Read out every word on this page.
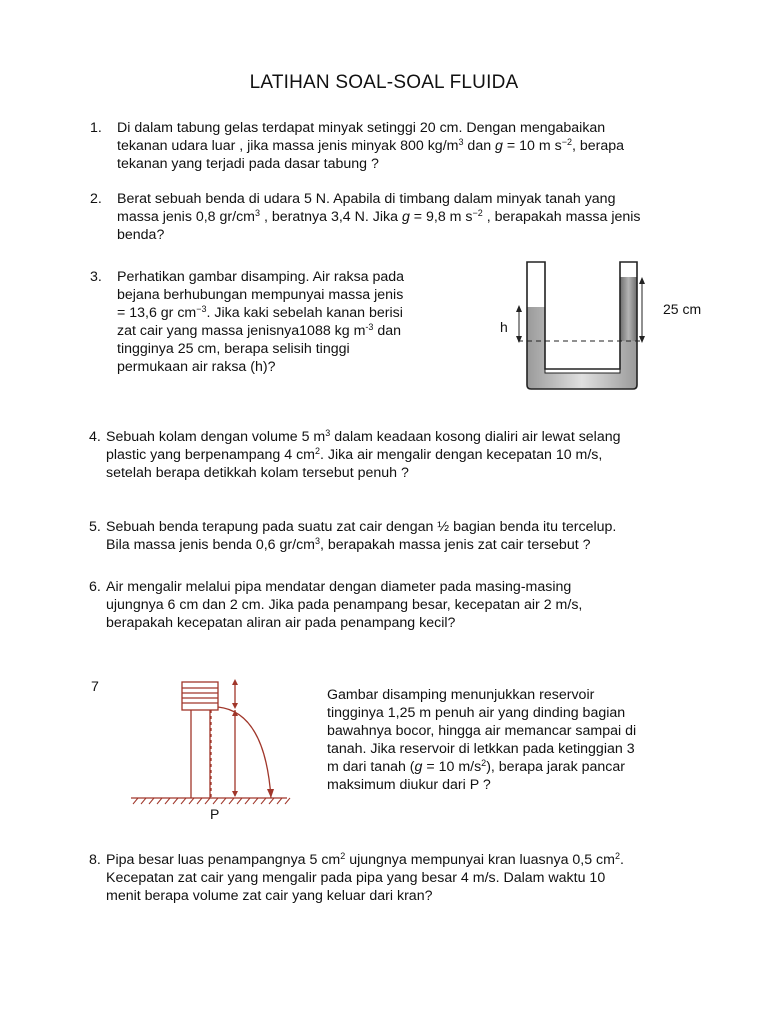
LATIHAN SOAL-SOAL FLUIDA
1. Di dalam tabung gelas terdapat minyak setinggi 20 cm. Dengan mengabaikan
tekanan udara luar , jika massa jenis minyak 800 $kg/m^3$ dan g = 10 m $s^{-2}$, berapa
tekanan yang terjadi pada dasar tabung ?
2. Berat sebuah benda di udara 5 N. Apabila di timbang dalam minyak tanah yang
massa jenis 0,8 $gr/cm^3$ , beratnya 3,4 N. Jika g = 9,8 m $s^{-2}$ , berapakah massa jenis
benda?
3. Perhatikan gambar disamping. Air raksa pada
bejana berhubungan mempunyai massa jenis
= 13,6 gr $cm^{-3}$. Jika kaki sebelah kanan berisi
zat cair yang massa jenisnya1088 kg $m^{-3}$ dan
tingginya 25 cm, berapa selisih tinggi
permukaan air raksa (h)?
h
25 cm
4. Sebuah kolam dengan volume 5 $m^3$ dalam keadaan kosong dialiri air lewat selang
plastic yang berpenampang 4 $cm^2$. Jika air mengalir dengan kecepatan 10 m/s,
setelah berapa detikkah kolam tersebut penuh ?
5. Sebuah benda terapung pada suatu zat cair dengan ½ bagian benda itu tercelup.
Bila massa jenis benda 0,6 $gr/cm^3$, berapakah massa jenis zat cair tersebut ?
6. Air mengalir melalui pipa mendatar dengan diameter pada masing-masing
ujungnya 6 cm dan 2 cm. Jika pada penampang besar, kecepatan air 2 m/s,
berapakah kecepatan aliran air pada penampang kecil?
7
P
Gambar disamping menunjukkan reservoir
tingginya 1,25 m penuh air yang dinding bagian
bawahnya bocor, hingga air memancar sampai di
tanah. Jika reservoir di letkkan pada ketinggian 3
m dari tanah (g = 10 $m/s^2$), berapa jarak pancar
maksimum diukur dari P ?
8. Pipa besar luas penampangnya 5 $cm^2$ ujungnya mempunyai kran luasnya 0,5 $cm^2$.
Kecepatan zat cair yang mengalir pada pipa yang besar 4 m/s. Dalam waktu 10
menit berapa volume zat cair yang keluar dari kran?
